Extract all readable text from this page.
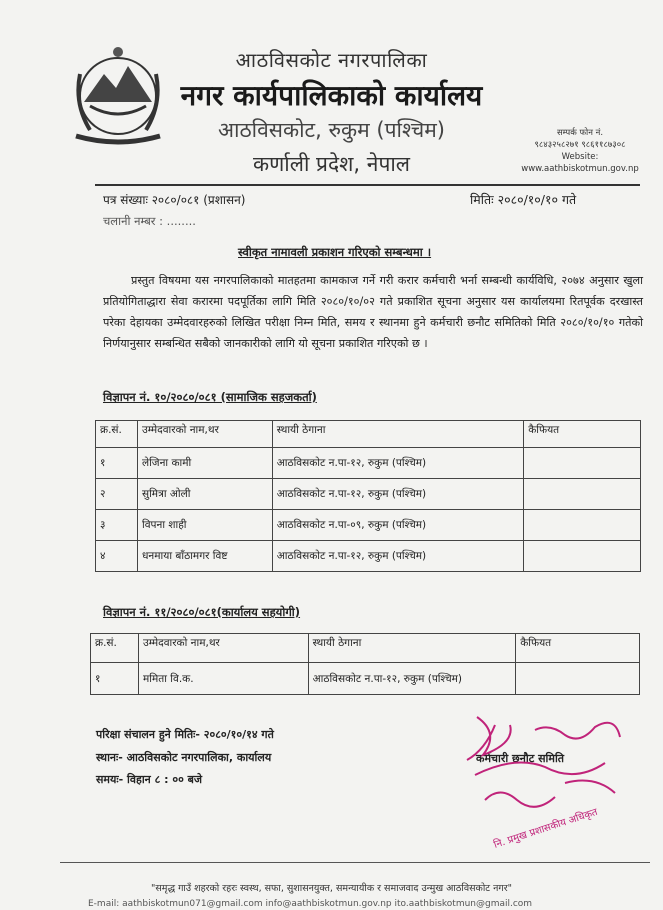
आठविसकोट नगरपालिका
नगर कार्यपालिकाको कार्यालय
आठविसकोट, रुकुम (पश्चिम)
कर्णाली प्रदेश, नेपाल
सम्पर्क फोन नं.
९८४३२५८२७१ ९८६११८७३०८
Website:
www.aathbiskotmun.gov.np
पत्र संख्याः २०८०/०८१ (प्रशासन)	मितिः २०८०/१०/१० गते
चलानी नम्बर : ........
स्वीकृत नामावली प्रकाशन गरिएको सम्बन्धमा ।
प्रस्तुत विषयमा यस नगरपालिकाको मातहतमा कामकाज गर्ने गरी करार कर्मचारी भर्ना सम्बन्धी कार्यविधि, २०७४ अनुसार खुला प्रतियोगिताद्धारा सेवा करारमा पदपूर्तिका लागि मिति २०८०/१०/०२ गते प्रकाशित सूचना अनुसार यस कार्यालयमा रितपूर्वक दरखास्त परेका देहायका उम्मेदवारहरुको लिखित परीक्षा निम्न मिति, समय र स्थानमा हुने कर्मचारी छनौट समितिको मिति २०८०/१०/१० गतेको निर्णयानुसार सम्बन्धित सबैको जानकारीको लागि यो सूचना प्रकाशित गरिएको छ ।
विज्ञापन नं. १०/२०८०/०८१ (सामाजिक सहजकर्ता)
क्र.सं.	उम्मेदवारको नाम,थर	स्थायी ठेगाना	कैफियत
१	लेजिना कामी	आठविसकोट न.पा-१२, रुकुम (पश्चिम)	
२	सुमित्रा ओली	आठविसकोट न.पा-१२, रुकुम (पश्चिम)	
३	विपना शाही	आठविसकोट न.पा-०९, रुकुम (पश्चिम)	
४	धनमाया बाँठामगर विष्ट	आठविसकोट न.पा-१२, रुकुम (पश्चिम)	
विज्ञापन नं. ११/२०८०/०८१(कार्यालय सहयोगी)
क्र.सं.	उम्मेदवारको नाम,थर	स्थायी ठेगाना	कैफियत
१	ममिता वि.क.	आठविसकोट न.पा-१२, रुकुम (पश्चिम)	
परिक्षा संचालन हुने मितिः- २०८०/१०/१४ गते
स्थानः- आठविसकोट नगरपालिका, कार्यालय
समयः- विहान ८ : ०० बजे
कर्मचारी छनौट समिति
नि. प्रमुख प्रशासकीय अधिकृत
"समृद्ध गाउँ शहरको रहरः स्वस्थ, सफा, सुशासनयुक्त, समन्यायीक र समाजवाद उन्मुख आठविसकोट नगर"
E-mail: aathbiskotmun071@gmail.com info@aathbiskotmun.gov.np ito.aathbiskotmun@gmail.com
